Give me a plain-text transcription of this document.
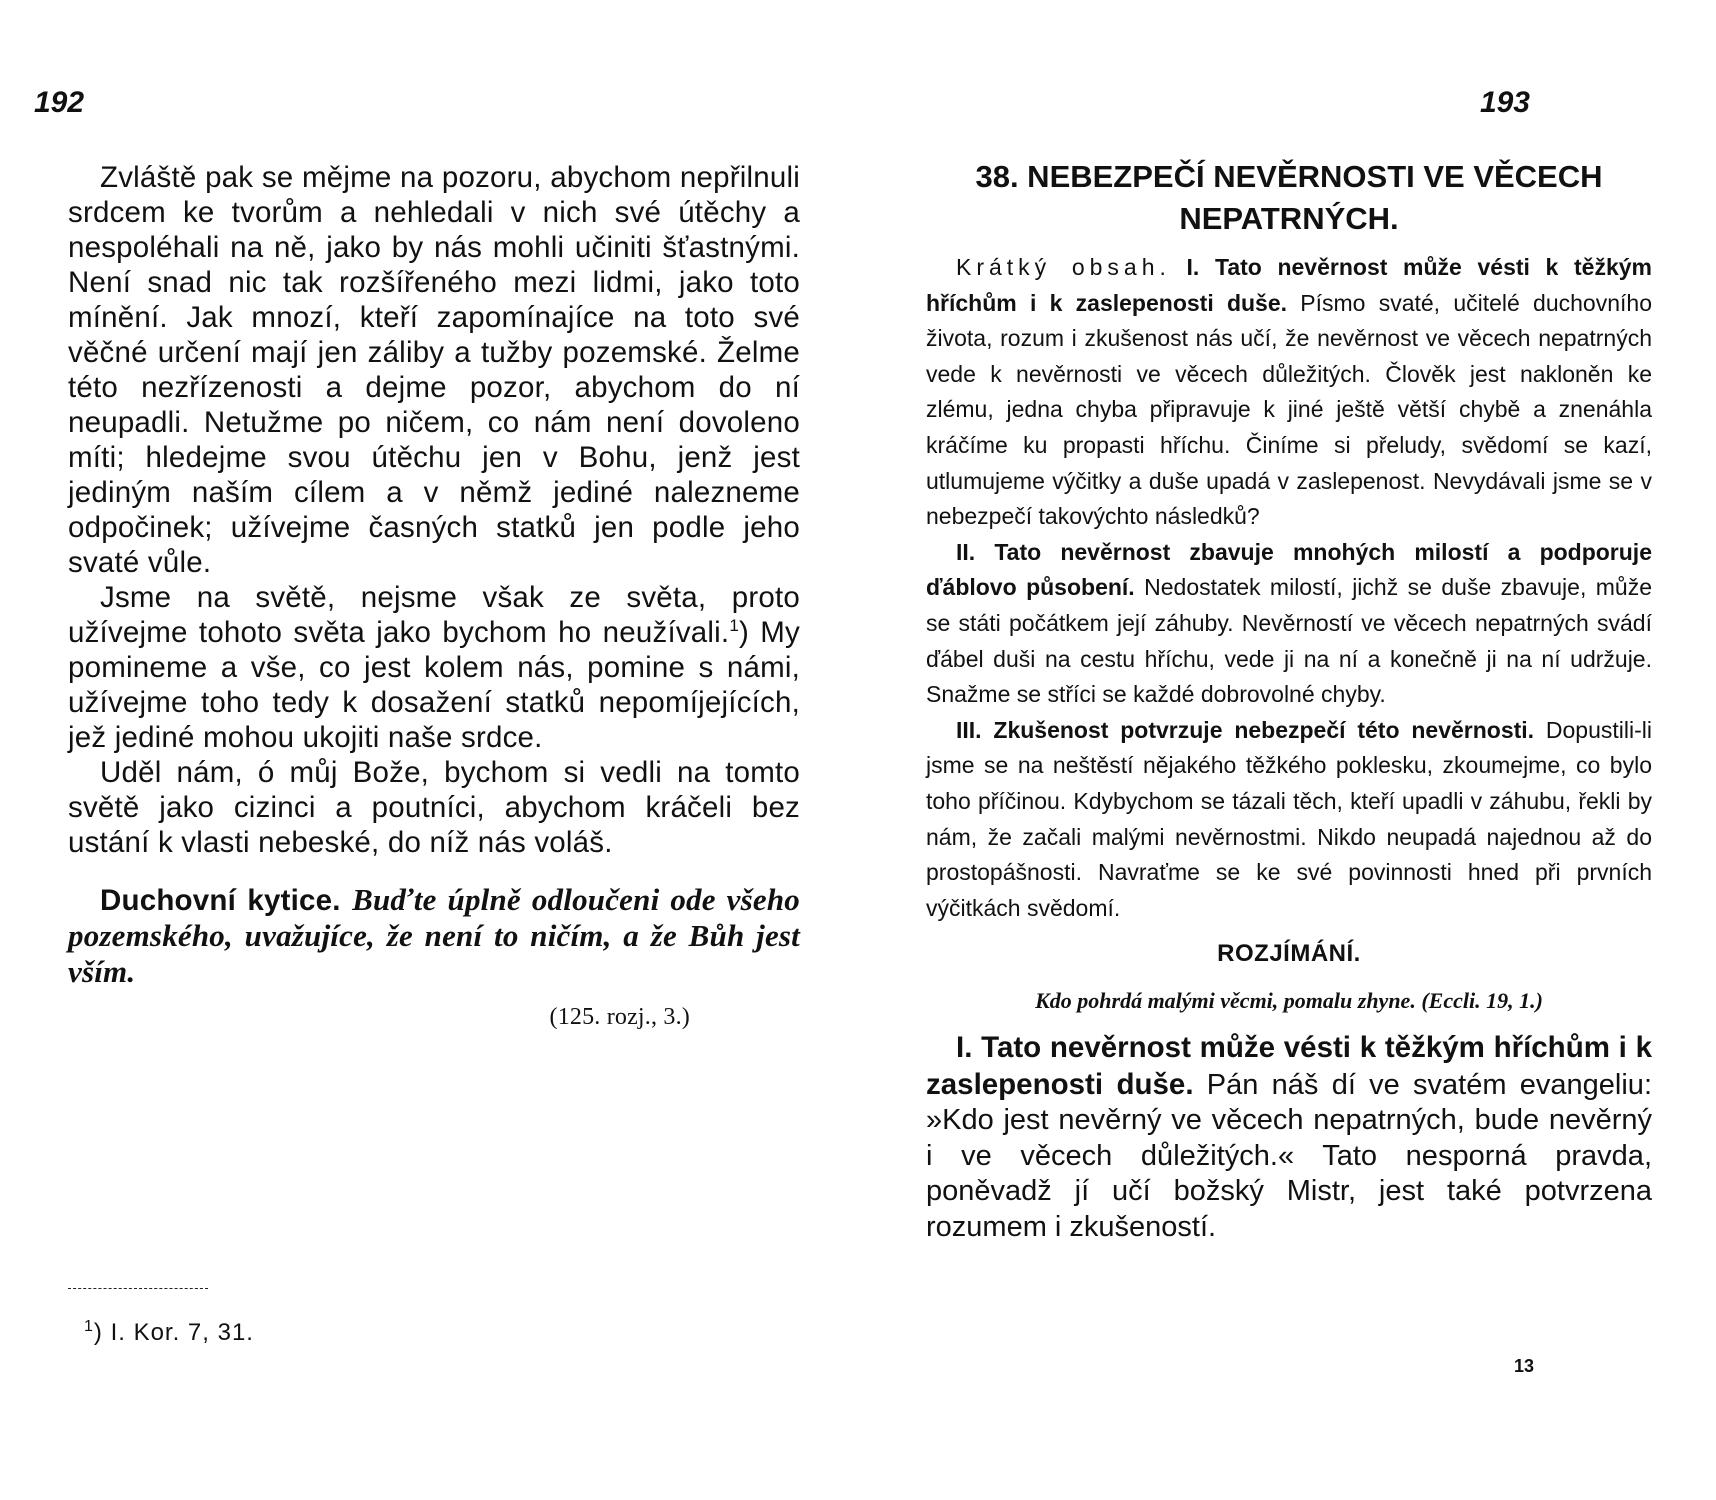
192

Zvláště pak se mějme na pozoru, abychom nepřilnuli srdcem ke tvorům a nehledali v nich své útěchy a nespoléhali na ně, jako by nás mohli učiniti šťastnými. Není snad nic tak rozšířeného mezi lidmi, jako toto mínění. Jak mnozí, kteří zapomínajíce na toto své věčné určení mají jen záliby a tužby pozemské. Želme této nezřízenosti a dejme pozor, abychom do ní neupadli. Netužme po ničem, co nám není dovoleno míti; hledejme svou útěchu jen v Bohu, jenž jest jediným naším cílem a v němž jediné nalezneme odpočinek; užívejme časných statků jen podle jeho svaté vůle.

Jsme na světě, nejsme však ze světa, proto užívejme tohoto světa jako bychom ho neužívali.$^1$) My pomineme a vše, co jest kolem nás, pomine s námi, užívejme toho tedy k dosažení statků nepomíjejících, jež jediné mohou ukojiti naše srdce.

Uděl nám, ó můj Bože, bychom si vedli na tomto světě jako cizinci a poutníci, abychom kráčeli bez ustání k vlasti nebeské, do níž nás voláš.

Duchovní kytice. Buďte úplně odloučeni ode všeho pozemského, uvažujíce, že není to ničím, a že Bůh jest vším.
(125. rozj., 3.)
$^1$) I. Kor. 7, 31.
193
38. NEBEZPEČÍ NEVĚRNOSTI VE VĚCECH NEPATRNÝCH.

Krátký obsah. I. Tato nevěrnost může vésti k těžkým hříchům i k zaslepenosti duše. Písmo svaté, učitelé duchovního života, rozum i zkušenost nás učí, že nevěrnost ve věcech nepatrných vede k nevěrnosti ve věcech důležitých. Člověk jest nakloněn ke zlému, jedna chyba připravuje k jiné ještě větší chybě a znenáhla kráčíme ku propasti hříchu. Činíme si přeludy, svědomí se kazí, utlumujeme výčitky a duše upadá v zaslepenost. Nevydávali jsme se v nebezpečí takovýchto následků?

II. Tato nevěrnost zbavuje mnohých milostí a podporuje ďáblovo působení. Nedostatek milostí, jichž se duše zbavuje, může se státi počátkem její záhuby. Nevěrností ve věcech nepatrných svádí ďábel duši na cestu hříchu, vede ji na ní a konečně ji na ní udržuje. Snažme se stříci se každé dobrovolné chyby.

III. Zkušenost potvrzuje nebezpečí této nevěrnosti. Dopustili-li jsme se na neštěstí nějakého těžkého poklesku, zkoumejme, co bylo toho příčinou. Kdybychom se tázali těch, kteří upadli v záhubu, řekli by nám, že začali malými nevěrnostmi. Nikdo neupadá najednou až do prostopášnosti. Navraťme se ke své povinnosti hned při prvních výčitkách svědomí.

ROZJÍMÁNÍ.
Kdo pohrdá malými věcmi, pomalu zhyne. (Eccli. 19, 1.)

I. Tato nevěrnost může vésti k těžkým hříchům i k zaslepenosti duše. Pán náš dí ve svatém evangeliu: »Kdo jest nevěrný ve věcech nepatrných, bude nevěrný i ve věcech důležitých.« Tato nesporná pravda, poněvadž jí učí božský Mistr, jest také potvrzena rozumem i zkušeností.

13
